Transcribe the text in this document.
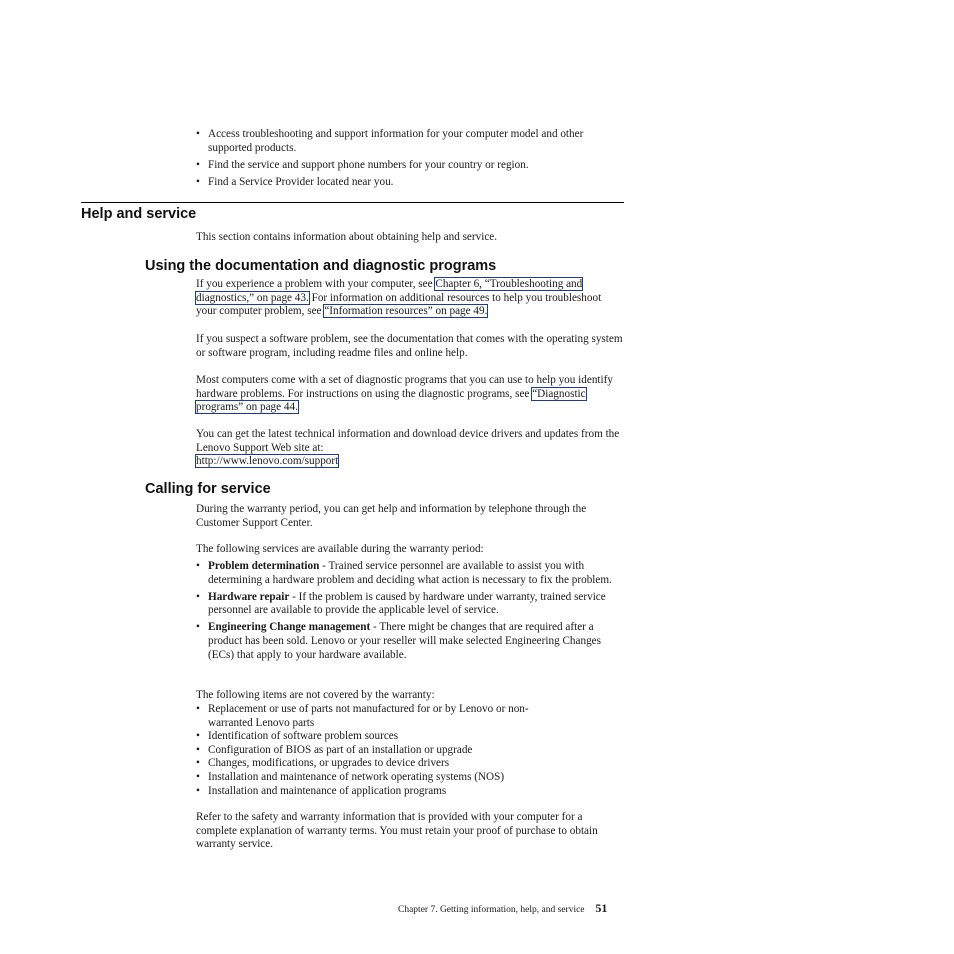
• Access troubleshooting and support information for your computer model and other supported products.
• Find the service and support phone numbers for your country or region.
• Find a Service Provider located near you.
Help and service

This section contains information about obtaining help and service.

Using the documentation and diagnostic programs

If you experience a problem with your computer, see Chapter 6, “Troubleshooting and diagnostics,” on page 43. For information on additional resources to help you troubleshoot your computer problem, see “Information resources” on page 49.

If you suspect a software problem, see the documentation that comes with the operating system or software program, including readme files and online help.

Most computers come with a set of diagnostic programs that you can use to help you identify hardware problems. For instructions on using the diagnostic programs, see “Diagnostic programs” on page 44.

You can get the latest technical information and download device drivers and updates from the Lenovo Support Web site at:
http://www.lenovo.com/support

Calling for service

During the warranty period, you can get help and information by telephone through the Customer Support Center.

The following services are available during the warranty period:

• Problem determination - Trained service personnel are available to assist you with determining a hardware problem and deciding what action is necessary to fix the problem.
• Hardware repair - If the problem is caused by hardware under warranty, trained service personnel are available to provide the applicable level of service.
• Engineering Change management - There might be changes that are required after a product has been sold. Lenovo or your reseller will make selected Engineering Changes (ECs) that apply to your hardware available.

The following items are not covered by the warranty:

• Replacement or use of parts not manufactured for or by Lenovo or non-warranted Lenovo parts
• Identification of software problem sources
• Configuration of BIOS as part of an installation or upgrade
• Changes, modifications, or upgrades to device drivers
• Installation and maintenance of network operating systems (NOS)
• Installation and maintenance of application programs

Refer to the safety and warranty information that is provided with your computer for a complete explanation of warranty terms. You must retain your proof of purchase to obtain warranty service.

Chapter 7. Getting information, help, and service 51
